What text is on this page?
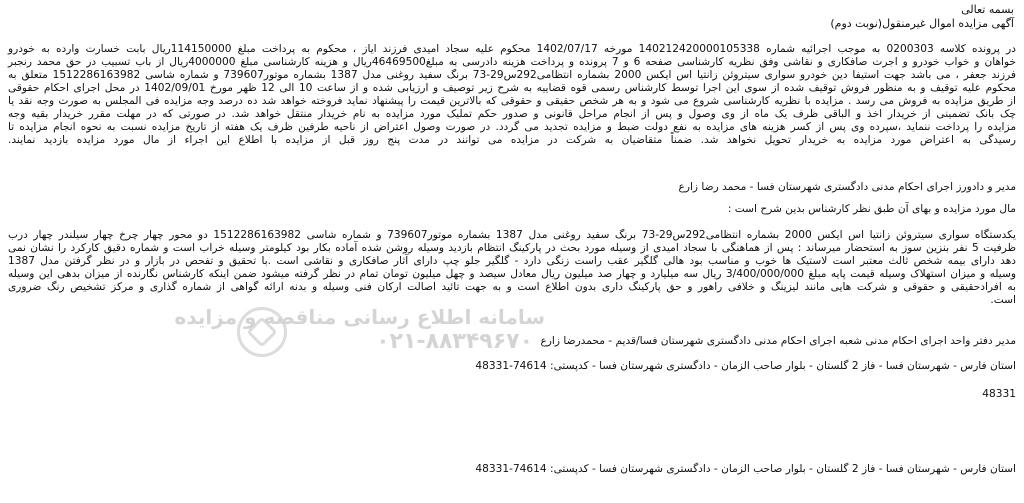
بسمه تعالی
آگهی مزایده اموال غیرمنقول(نوبت دوم)
در پرونده کلاسه 0200303 به موجب اجرائیه شماره 140212420000105338 مورخه 1402/07/17 محکوم علیه سجاد امیدی فرزند ایاز ، محکوم به پرداخت مبلغ 114150000ریال بابت خسارت وارده به خودرو
خواهان و خواب خودرو و اجرت صافکاری و نقاشی وفق نظریه کارشناسی صفحه 6 و 7 پرونده و پرداخت هزینه دادرسی به مبلغ46469500ریال و هزینه کارشناسی مبلغ 4000000ریال از باب تسبیب در حق محمد رنجبر
فرزند جعفر ، می باشد جهت استیفا دین خودرو سواری سیتروئن زانتیا اس ایکس 2000 بشماره انتظامی292س29-73 برنگ سفید روغنی مدل 1387 بشماره موتور739607 و شماره شاسی 1512286163982 متعلق به
محکوم علیه توقیف و به منظور فروش توقیف شده از سوی این اجرا توسط کارشناس رسمی قوه قضاییه به شرح زیر توصیف و ارزیابی شده و از ساعت 10 الی 12 ظهر مورخ 1402/09/01 در محل اجرای احکام حقوقی
از طریق مزایده به فروش می رسد . مزایده با نظریه کارشناسی شروع می شود و به هر شخص حقیقی و حقوقی که بالاترین قیمت را پیشنهاد نماید فروخته خواهد شد ده درصد وجه مزایده فی المجلس به صورت وجه نقد یا
چک بانک تضمینی از خریدار اخذ و الباقی ظرف یک ماه از وی وصول و پس از انجام مراحل قانونی و صدور حکم تملیک مورد مزایده به نام خریدار منتقل خواهد شد. در صورتی که در مهلت مقرر خریدار بقیه وجه
مزایده را پرداخت ننماید ،سپرده وی پس از کسر هزینه های مزایده به نفع دولت ضبط و مزایده تجدید می گردد. در صورت وصول اعتراض از ناحیه طرفین ظرف یک هفته از تاریخ مزایده نسبت به نحوه انجام مزایده تا
رسیدگی به اعتراض مورد مزایده به خریدار تحویل نخواهد شد. ضمناً متقاضیان به شرکت در مزایده می توانند در مدت پنج روز قبل از مزایده با اطلاع این اجراء از مال مورد مزایده بازدید نمایند.
مدیر و دادورز اجرای احکام مدنی دادگستری شهرستان فسا - محمد رضا زارع
مال مورد مزایده و بهای آن طبق نظر کارشناس بدین شرح است :
یکدستگاه سواری سیتروئن زانتیا اس ایکس 2000 بشماره انتظامی292س29-73 برنگ سفید روغنی مدل 1387 بشماره موتور739607 و شماره شاسی 1512286163982 دو محور چهار چرخ چهار سیلندر چهار درب
ظرفیت 5 نفر بنزین سوز به استحضار میرساند : پس از هماهنگی با سجاد امیدی از وسیله مورد بحث در پارکینگ انتظام بازدید وسیله روشن شده آماده بکار بود کیلومتر وسیله خراب است و شماره دقیق کارکرد را نشان نمی
دهد دارای بیمه شخص ثالث معتبر است لاستیک ها خوب و مناسب بود هالی گلگیر عقب راست زنگی دارد - گلگیر جلو چپ دارای آثار صافکاری و نقاشی است .با تحقیق و تفحص در بازار و در نظر گرفتن مدل 1387
وسیله و میزان استهلاک وسیله قیمت پایه مبلغ 3/400/000/000 ریال سه میلیارد و چهار صد میلیون ریال معادل سیصد و چهل میلیون تومان تمام در نظر گرفته میشود ضمن اینکه کارشناس نگارنده از میزان بدهی این وسیله
به افرادحقیقی و حقوقی و شرکت هایی مانند لیزینگ و خلافی راهور و حق پارکینگ داری بدون اطلاع است و به جهت تائید اصالت ارکان فنی وسیله و بدنه ارائه گواهی از شماره گذاری و مرکز تشخیص رنگ ضروری
است.
سامانه اطلاع رسانی مناقصه و مزایده
۰۲۱-۸۸۳۴۹۶۷۰ مدیر دفتر واحد اجرای احکام مدنی شعبه اجرای احکام مدنی دادگستری شهرستان فسا/قدیم - محمدرضا زارع
استان فارس - شهرستان فسا - فاز 2 گلستان - بلوار صاحب الزمان - دادگستری شهرستان فسا - کدپستی: 74614-48331
48331
استان فارس - شهرستان فسا - فاز 2 گلستان - بلوار صاحب الزمان - دادگستری شهرستان فسا - کدپستی: 74614-48331
